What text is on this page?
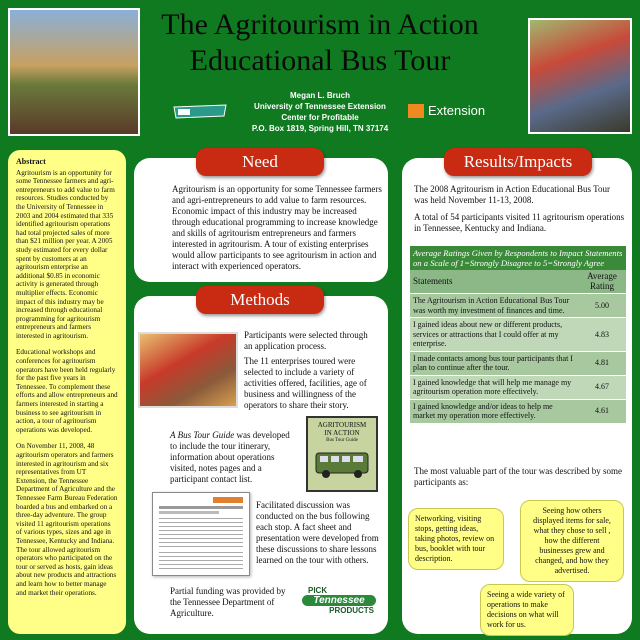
The Agritourism in Action
Educational Bus Tour
Megan L. Bruch
University of Tennessee Extension
Center for Profitable
P.O. Box 1819, Spring Hill, TN 37174
Extension
Abstract

Agritourism is an opportunity for some Tennessee farmers and agri-entrepreneurs to add value to farm resources. Studies conducted by the University of Tennessee in 2003 and 2004 estimated that 335 identified agritourism operations had total projected sales of more than $21 million per year. A 2005 study estimated for every dollar spent by customers at an agritourism enterprise an additional $0.85 in economic activity is generated through multiplier effects. Economic impact of this industry may be increased through educational programming for agritourism entrepreneurs and farmers interested in agritourism.

Educational workshops and conferences for agritourism operators have been held regularly for the past five years in Tennessee. To complement these efforts and allow entrepreneurs and farmers interested in starting a business to see agritourism in action, a tour of agritourism operations was developed.

On November 11, 2008, 48 agritourism operators and farmers interested in agritourism and six representatives from UT Extension, the Tennessee Department of Agriculture and the Tennessee Farm Bureau Federation boarded a bus and embarked on a three-day adventure. The group visited 11 agritourism operations of various types, sizes and age in Tennessee, Kentucky and Indiana. The tour allowed agritourism operators who participated on the tour or served as hosts, gain ideas about new products and attractions and learn how to better manage and market their operations.

Need
Agritourism is an opportunity for some Tennessee farmers and agri-entrepreneurs to add value to farm resources. Economic impact of this industry may be increased through educational programming to increase knowledge and skills of agritourism entrepreneurs and farmers interested in agritourism. A tour of existing enterprises would allow participants to see agritourism in action and interact with experienced operators.
Methods
Participants were selected through an application process.
The 11 enterprises toured were selected to include a variety of activities offered, facilities, age of business and willingness of the operators to share their story.
A Bus Tour Guide was developed to include the tour itinerary, information about operations visited, notes pages and a participant contact list.
AGRITOURISM
IN ACTION
Bus Tour Guide
Facilitated discussion was conducted on the bus following each stop. A fact sheet and presentation were developed from these discussions to share lessons learned on the tour with others.
Partial funding was provided by the Tennessee Department of Agriculture.
PICK
Tennessee
PRODUCTS
Results/Impacts
The 2008 Agritourism in Action Educational Bus Tour was held November 11-13, 2008.
A total of 54 participants visited 11 agritourism operations in Tennessee, Kentucky and Indiana.
Average Ratings Given by Respondents to Impact Statements on a Scale of 1=Strongly Disagree to 5=Strongly Agree
Statements	Average Rating
The Agritourism in Action Educational Bus Tour was worth my investment of finances and time.	5.00
I gained ideas about new or different products, services or attractions that I could offer at my enterprise.	4.83
I made contacts among bus tour participants that I plan to continue after the tour.	4.81
I gained knowledge that will help me manage my agritourism operation more effectively.	4.67
I gained knowledge and/or ideas to help me market my operation more effectively.	4.61
The most valuable part of the tour was described by some participants as:
Networking, visiting stops, getting ideas, taking photos, review on bus, booklet with tour description.
Seeing how others displayed items for sale, what they chose to sell , how the different businesses grew and changed, and how they advertised.
Seeing a wide variety of operations to make decisions on what will work for us.
